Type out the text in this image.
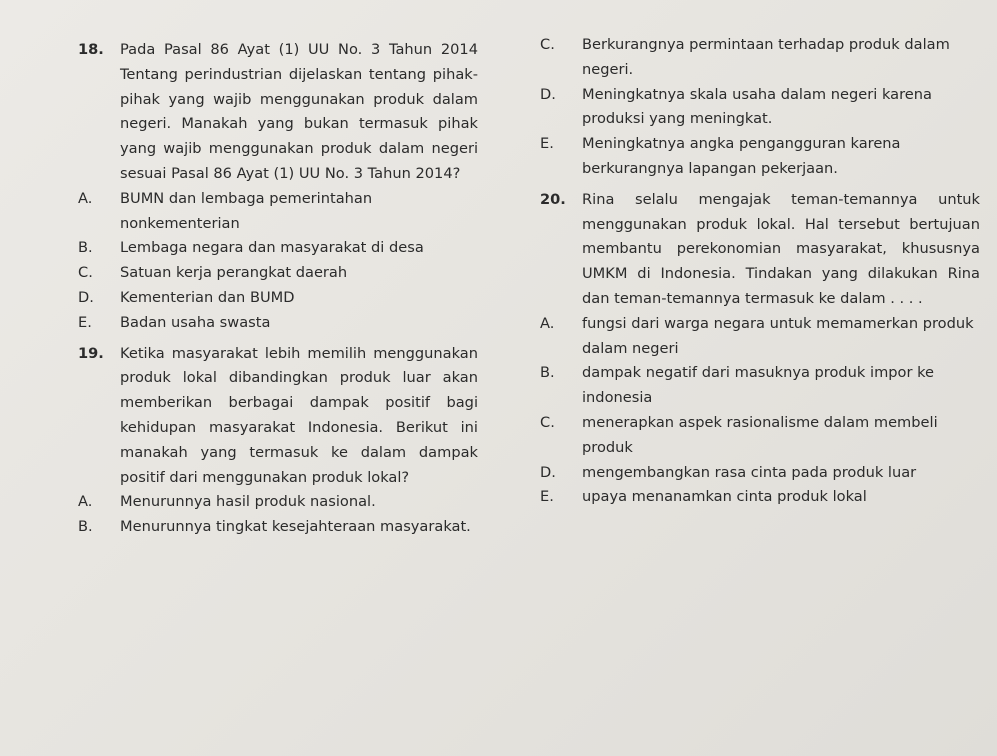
18.	Pada Pasal 86 Ayat (1) UU No. 3 Tahun 2014 Tentang perindustrian dijelaskan tentang pihak-pihak yang wajib menggunakan produk dalam negeri. Manakah yang bukan termasuk pihak yang wajib menggunakan produk dalam negeri sesuai Pasal 86 Ayat (1) UU No. 3 Tahun 2014?
A.	BUMN dan lembaga pemerintahan nonkementerian
B.	Lembaga negara dan masyarakat di desa
C.	Satuan kerja perangkat daerah
D.	Kementerian dan BUMD
E.	Badan usaha swasta
19.	Ketika masyarakat lebih memilih menggunakan produk lokal dibandingkan produk luar akan memberikan berbagai dampak positif bagi kehidupan masyarakat Indonesia. Berikut ini manakah yang termasuk ke dalam dampak positif dari menggunakan produk lokal?
A.	Menurunnya hasil produk nasional.
B.	Menurunnya tingkat kesejahteraan masyarakat.
C.	Berkurangnya permintaan terhadap produk dalam negeri.
D.	Meningkatnya skala usaha dalam negeri karena produksi yang meningkat.
E.	Meningkatnya angka pengangguran karena berkurangnya lapangan pekerjaan.
20.	Rina selalu mengajak teman-temannya untuk menggunakan produk lokal. Hal tersebut bertujuan membantu perekonomian masyarakat, khususnya UMKM di Indonesia. Tindakan yang dilakukan Rina dan teman-temannya termasuk ke dalam . . . .
A.	fungsi dari warga negara untuk memamerkan produk dalam negeri
B.	dampak negatif dari masuknya produk impor ke indonesia
C.	menerapkan aspek rasionalisme dalam membeli produk
D.	mengembangkan rasa cinta pada produk luar
E.	upaya menanamkan cinta produk lokal
